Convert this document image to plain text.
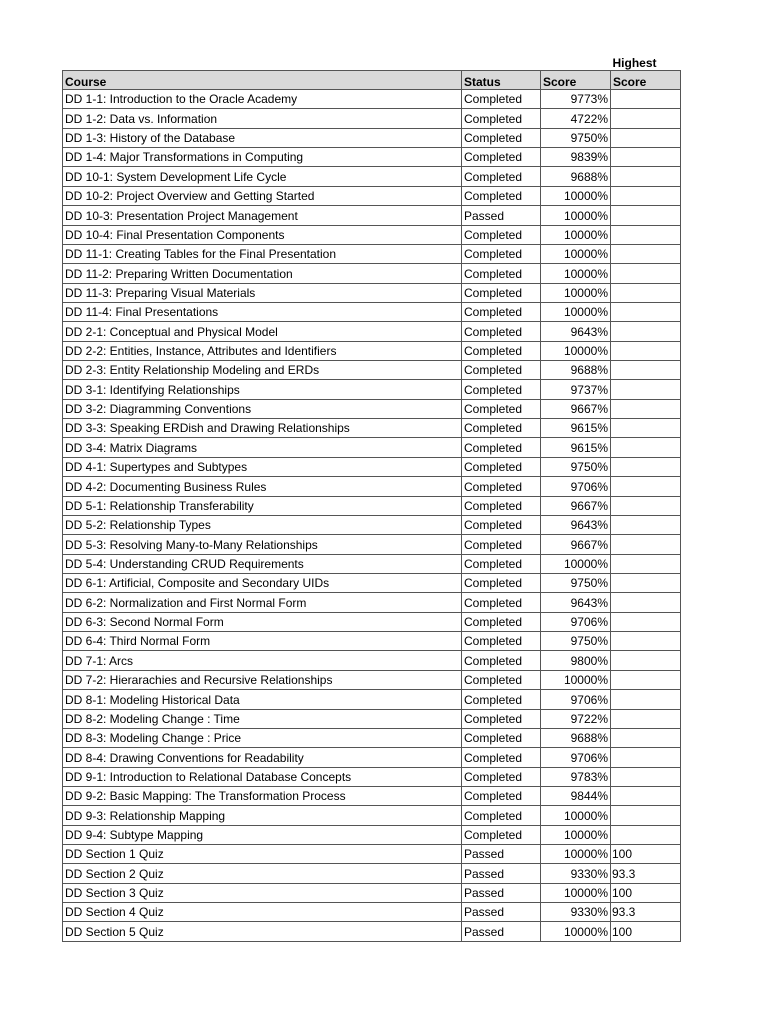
			Highest
Course	Status	Score	Score
DD 1-1: Introduction to the Oracle Academy	Completed	9773%	
DD 1-2: Data vs. Information	Completed	4722%	
DD 1-3: History of the Database	Completed	9750%	
DD 1-4: Major Transformations in Computing	Completed	9839%	
DD 10-1: System Development Life Cycle	Completed	9688%	
DD 10-2: Project Overview and Getting Started	Completed	10000%	
DD 10-3: Presentation Project Management	Passed	10000%	
DD 10-4: Final Presentation Components	Completed	10000%	
DD 11-1: Creating Tables for the Final Presentation	Completed	10000%	
DD 11-2: Preparing Written Documentation	Completed	10000%	
DD 11-3: Preparing Visual Materials	Completed	10000%	
DD 11-4: Final Presentations	Completed	10000%	
DD 2-1: Conceptual and Physical Model	Completed	9643%	
DD 2-2: Entities, Instance, Attributes and Identifiers	Completed	10000%	
DD 2-3: Entity Relationship Modeling and ERDs	Completed	9688%	
DD 3-1: Identifying Relationships	Completed	9737%	
DD 3-2: Diagramming Conventions	Completed	9667%	
DD 3-3: Speaking ERDish and Drawing Relationships	Completed	9615%	
DD 3-4: Matrix Diagrams	Completed	9615%	
DD 4-1: Supertypes and Subtypes	Completed	9750%	
DD 4-2: Documenting Business Rules	Completed	9706%	
DD 5-1: Relationship Transferability	Completed	9667%	
DD 5-2: Relationship Types	Completed	9643%	
DD 5-3: Resolving Many-to-Many Relationships	Completed	9667%	
DD 5-4: Understanding CRUD Requirements	Completed	10000%	
DD 6-1: Artificial, Composite and Secondary UIDs	Completed	9750%	
DD 6-2: Normalization and First Normal Form	Completed	9643%	
DD 6-3: Second Normal Form	Completed	9706%	
DD 6-4: Third Normal Form	Completed	9750%	
DD 7-1: Arcs	Completed	9800%	
DD 7-2: Hierarachies and Recursive Relationships	Completed	10000%	
DD 8-1: Modeling Historical Data	Completed	9706%	
DD 8-2: Modeling Change : Time	Completed	9722%	
DD 8-3: Modeling Change : Price	Completed	9688%	
DD 8-4: Drawing Conventions for Readability	Completed	9706%	
DD 9-1: Introduction to Relational Database Concepts	Completed	9783%	
DD 9-2: Basic Mapping: The Transformation Process	Completed	9844%	
DD 9-3: Relationship Mapping	Completed	10000%	
DD 9-4: Subtype Mapping	Completed	10000%	
DD Section 1 Quiz	Passed	10000%	100
DD Section 2 Quiz	Passed	9330%	93.3
DD Section 3 Quiz	Passed	10000%	100
DD Section 4 Quiz	Passed	9330%	93.3
DD Section 5 Quiz	Passed	10000%	100
